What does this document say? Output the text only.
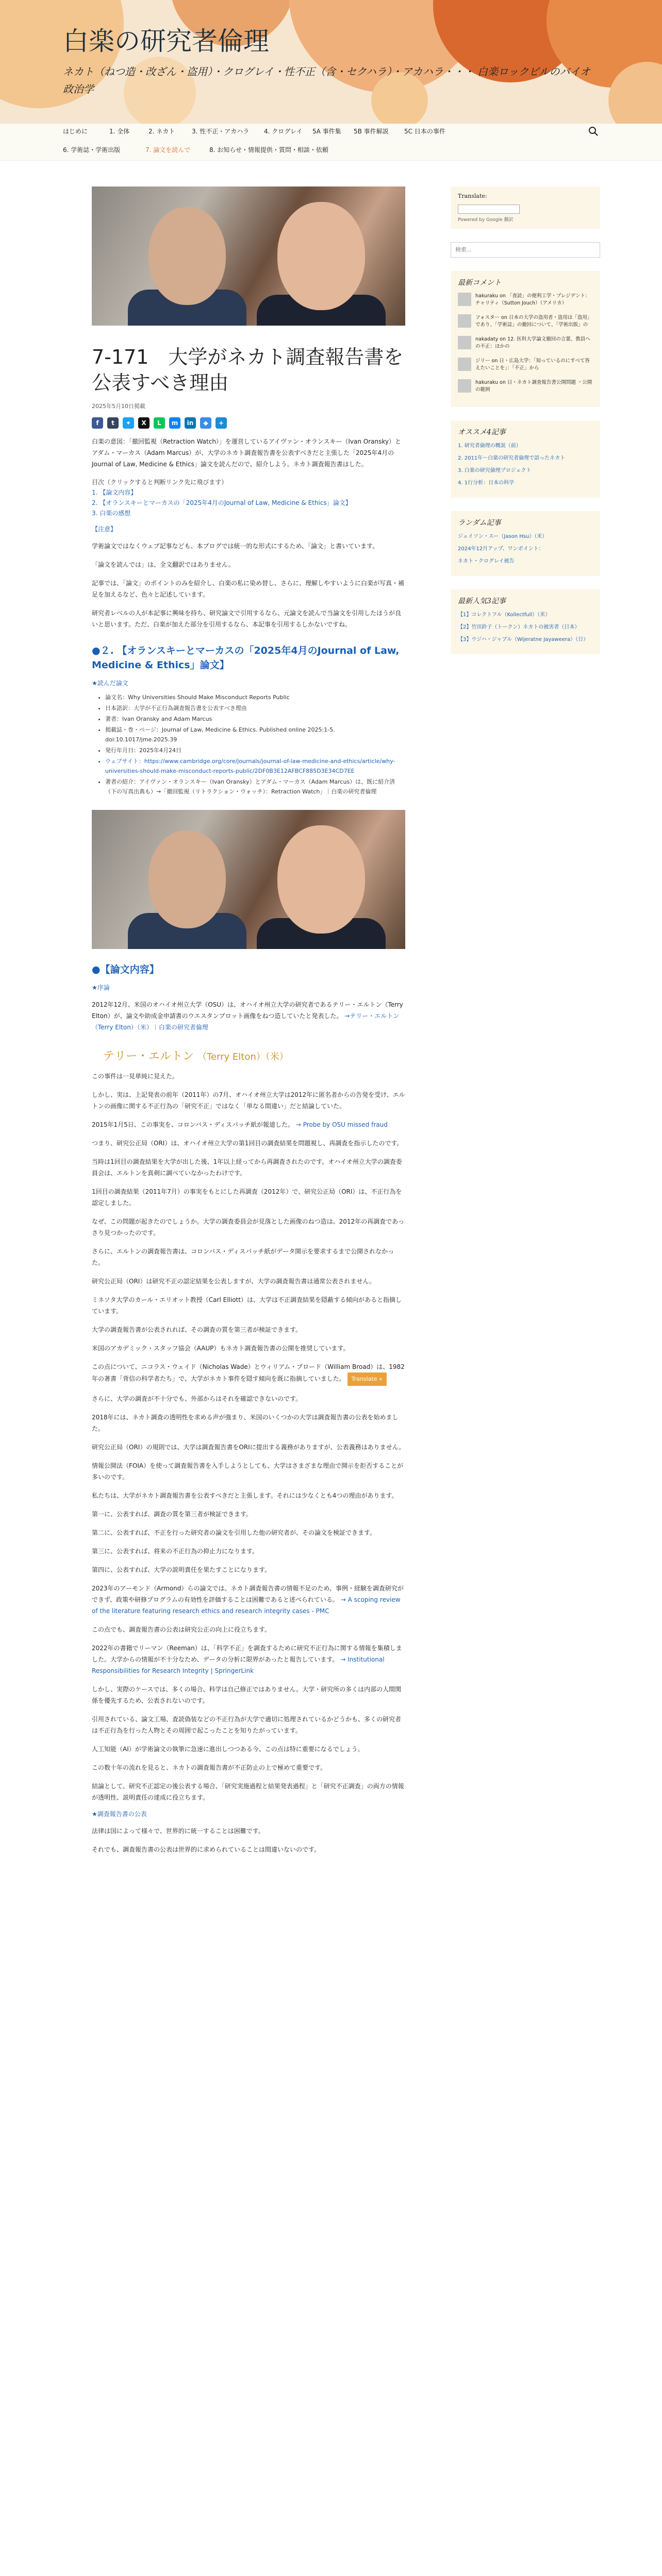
白楽の研究者倫理
ネカト（ねつ造・改ざん・盗用）・クログレイ・性不正（含・セクハラ）・アカハラ・・・ 白楽ロックビルのバイオ政治学
はじめに	1. 全体	2. ネカト	3. 性不正・アカハラ 4. クログレイ 5A 事件集 5B 事件解説	5C 日本の事件
6. 学術誌・学術出版	7. 論文を読んで	8. お知らせ・情報提供・質問・相談・依頼
7-171　大学がネカト調査報告書を公表すべき理由
2025年5月10日掲載
f	t	✦	X	L	m	in	◆	+

白楽の意図：「撤回監視（Retraction Watch）」を運営しているアイヴァン・オランスキー（Ivan Oransky）とアダム・マーカス（Adam Marcus）が、大学のネカト調査報告書を公表すべきだと主張した「2025年4月のJournal of Law, Medicine & Ethics」論文を読んだので、紹介しよう。ネカト調査報告書はした。

目次（クリックすると判断リンク先に飛びます）
1. 【論文内容】
2. 【オランスキーとマーカスの「2025年4月のJournal of Law, Medicine & Ethics」論文】
3. 白楽の感想
【注意】

学術論文ではなくウェブ記事なども、本ブログでは統一的な形式にするため、「論文」と書いています。

「論文を読んでは」は、全文翻訳ではありません。

記事では、「論文」のポイントのみを紹介し、白楽の私に染め替し、さらに、理解しやすいように白楽が写真・補足を加えるなど、色々と記述しています。

研究者レベルの人が本記事に興味を持ち、研究論文で引用するなら、元論文を読んで当論文を引用したほうが良いと思います。ただ、白楽が加えた部分を引用するなら、本記事を引用するしかないですね。

●２. 【オランスキーとマーカスの「2025年4月のJournal of Law, Medicine & Ethics」論文】
★読んだ論文
• 論文名：Why Universities Should Make Misconduct Reports Public
• 日本語訳：大学が不正行為調査報告書を公表すべき理由
• 著者：Ivan Oransky and Adam Marcus
• 掲載誌・巻・ページ：Journal of Law, Medicine & Ethics. Published online 2025:1-5. doi:10.1017/jme.2025.39
• 発行年月日：2025年4月24日
• ウェブサイト：https://www.cambridge.org/core/journals/journal-of-law-medicine-and-ethics/article/why-universities-should-make-misconduct-reports-public/2DF0B3E12AFBCF885D3E34CD7EE
• 著者の紹介：アイヴァン・オランスキー（Ivan Oransky）とアダム・マーカス（Adam Marcus）は、既に紹介済（下の写真出典も）→「撤回監視（リトラクション・ウォッチ）：Retraction Watch」｜白楽の研究者倫理
●【論文内容】
★序論

2012年12月、米国のオハイオ州立大学（OSU）は、オハイオ州立大学の研究者であるテリー・エルトン（Terry Elton）が、論文や助成金申請書のウエスタンブロット画像をねつ造していたと発表した。 →テリー・エルトン（Terry Elton）（米）｜白楽の研究者倫理

テリー・エルトン （Terry Elton）（米）

この事件は一見単純に見えた。

しかし、実は、上記発表の前年（2011年）の7月、オハイオ州立大学は2012年に匿名者からの告発を受け、エルトンの画像に関する不正行為の「研究不正」ではなく「単なる間違い」だと結論していた。

2015年1月5日、この事実を、コロンバス・ディスパッチ紙が報道した。 → Probe by OSU missed fraud

つまり、研究公正局（ORI）は、オハイオ州立大学の第1回目の調査結果を問題視し、再調査を指示したのです。

当時は1回目の調査結果を大学が出した後、1年以上経ってから再調査されたのです。オハイオ州立大学の調査委員会は、エルトンを真剣に調べていなかったわけです。

1回目の調査結果（2011年7月）の事実をもとにした再調査（2012年）で、研究公正局（ORI）は、不正行為を認定しました。

なぜ、この問題が起きたのでしょうか。大学の調査委員会が見落とした画像のねつ造は、2012年の再調査であっさり見つかったのです。

さらに、エルトンの調査報告書は、コロンバス・ディスパッチ紙がデータ開示を要求するまで公開されなかった。

研究公正局（ORI）は研究不正の認定結果を公表しますが、大学の調査報告書は通常公表されません。

ミネソタ大学のカール・エリオット教授（Carl Elliott）は、大学は不正調査結果を隠蔽する傾向があると指摘しています。

大学の調査報告書が公表されれば、その調査の質を第三者が検証できます。

米国のアカデミック・スタッフ協会（AAUP）もネカト調査報告書の公開を推奨しています。

この点について、ニコラス・ウェイド（Nicholas Wade）とウィリアム・ブロード（William Broad）は、1982年の著書「背信の科学者たち」で、大学がネカト事件を隠す傾向を既に指摘していました。 Translate »

さらに、大学の調査が不十分でも、外部からはそれを確認できないのです。

2018年には、ネカト調査の透明性を求める声が強まり、米国のいくつかの大学は調査報告書の公表を始めました。

研究公正局（ORI）の規則では、大学は調査報告書をORIに提出する義務がありますが、公表義務はありません。

情報公開法（FOIA）を使って調査報告書を入手しようとしても、大学はさまざまな理由で開示を拒否することが多いのです。

私たちは、大学がネカト調査報告書を公表すべきだと主張します。それには少なくとも4つの理由があります。

第一に、公表すれば、調査の質を第三者が検証できます。

第二に、公表すれば、不正を行った研究者の論文を引用した他の研究者が、その論文を検証できます。

第三に、公表すれば、将来の不正行為の抑止力になります。

第四に、公表すれば、大学の説明責任を果たすことになります。

2023年のアーモンド（Armond）らの論文では、ネカト調査報告書の情報不足のため、事例・経験を調査研究ができず、政策や研修プログラムの有効性を評価することは困難であると述べられている。 → A scoping review of the literature featuring research ethics and research integrity cases - PMC

この点でも、調査報告書の公表は研究公正の向上に役立ちます。

2022年の書籍でリーマン（Reeman）は、「科学不正」を調査するために研究不正行為に関する情報を集積しました。大学からの情報が不十分なため、データの分析に限界があったと報告しています。 → Institutional Responsibilities for Research Integrity | SpringerLink

しかし、実際のケースでは、多くの場合、科学は自己修正ではありません。大学・研究所の多くは内部の人間関係を優先するため、公表されないのです。

引用されている、論文工場、査読偽装などの不正行為が大学で適切に処理されているかどうかも、多くの研究者は不正行為を行った人物とその周囲で起こったことを知りたがっています。

人工知能（AI）が学術論文の執筆に急速に進出しつつある今、この点は特に重要になるでしょう。

この数十年の流れを見ると、ネカトの調査報告書が不正防止の上で極めて重要です。

結論として、研究不正認定の後公表する場合、「研究実施過程と結果発表過程」と「研究不正調査」の両方の情報が透明性、説明責任の達成に役立ちます。

★調査報告書の公表

法律は国によって様々で、世界的に統一することは困難です。

それでも、調査報告書の公表は世界的に求められていることは間違いないのです。

Translate:
Powered by Google 翻訳
検索...
最新コメント
hakuraku on 「査読」の便利工学・プレジデント：チャリティ（Sutton Jouch）（アメリカ）
フォスター on 日本の大学の盗用者・盗用は「盗用」であり、「学術誌」の撤回について、「学術出版」の
nakadaty on 12. 医科大学論文撤回の言葉、教員への不正：ほかの
ジリー on 日・広島大学：「知っているのにすべて答えたいことを」：「不正」から
hakuraku on 日・ネカト調査報告書公開問題 ・公開の範囲
オススメ4記事
1. 研究者倫理の概説（前）
2. 2011年〜白楽の研究者倫理で語ったネカト
3. 白楽の研究倫理プロジェクト
4. 1行分析：日本の科学
ランダム記事
ジェイソン・スー（Jason Hsu）（米）
2024年12月アップ、ワンポイント：
ネカト・クログレイ被告
最新人気3記事
【1】コレクトフル（Kollectfull）（米）
【2】竹田鈴子（トークン）ネカトの被害者（日本）
【3】ウジハ・ジャブル（Wijeratne Jayaweera）（日）
